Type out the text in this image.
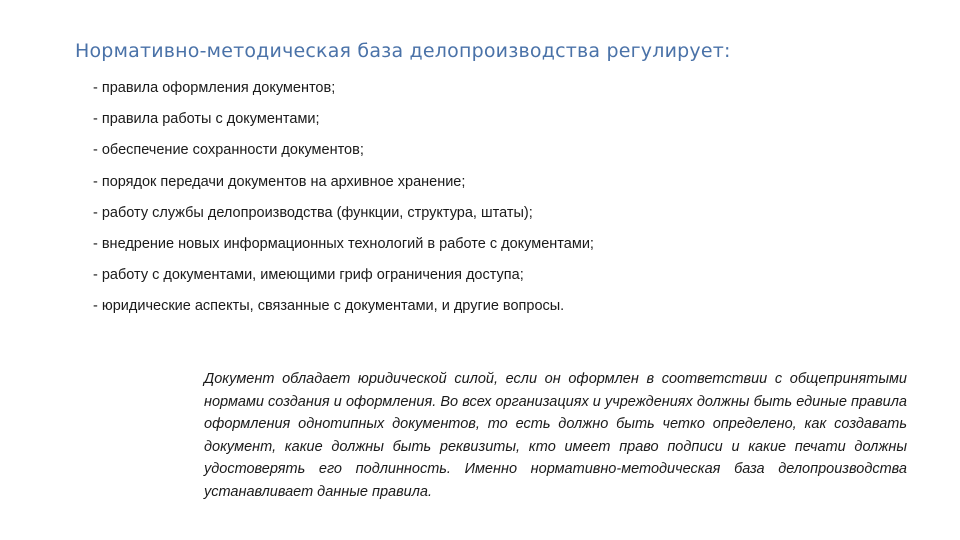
Нормативно-методическая база делопроизводства регулирует:
- правила оформления документов;
- правила работы с документами;
- обеспечение сохранности документов;
- порядок передачи документов на архивное хранение;
- работу службы делопроизводства (функции, структура, штаты);
- внедрение новых информационных технологий в работе с документами;
- работу с документами, имеющими гриф ограничения доступа;
- юридические аспекты, связанные с документами, и другие вопросы.

Документ обладает юридической силой, если он оформлен в соответствии с общепринятыми нормами создания и оформления. Во всех организациях и учреждениях должны быть единые правила оформления однотипных документов, то есть должно быть четко определено, как создавать документ, какие должны быть реквизиты, кто имеет право подписи и какие печати должны удостоверять его подлинность. Именно нормативно-методическая база делопроизводства устанавливает данные правила.
